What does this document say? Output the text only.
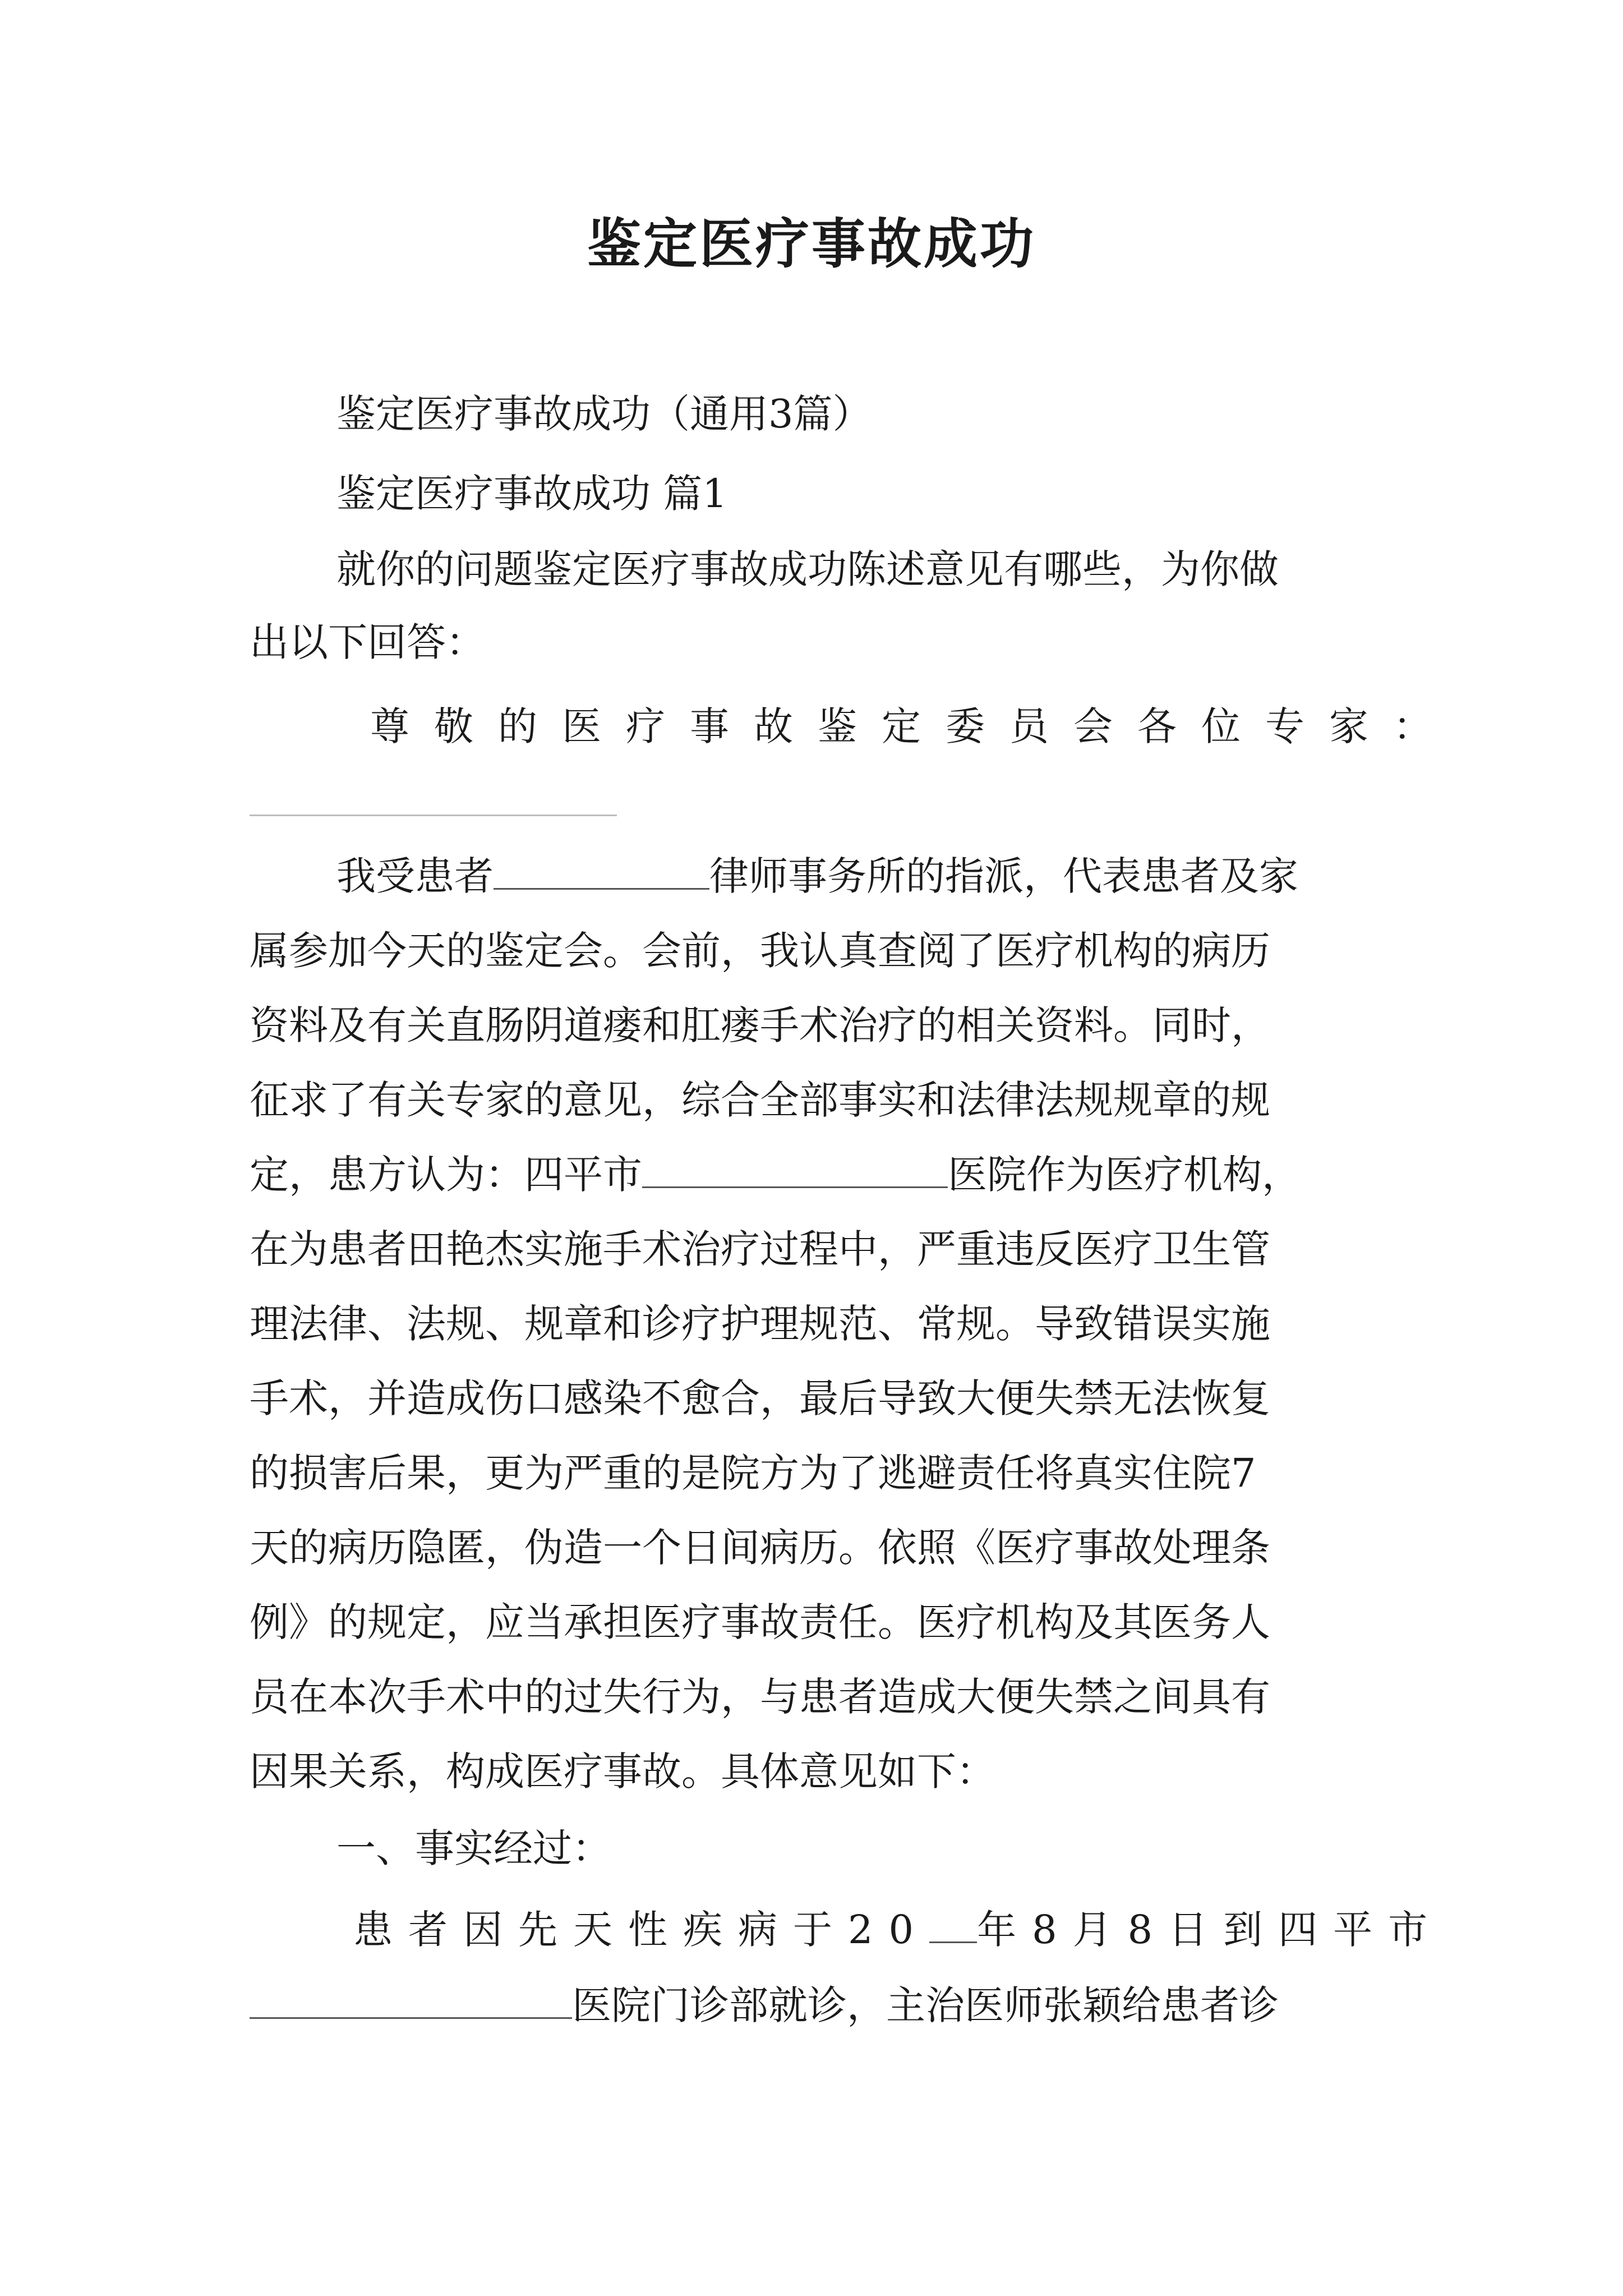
鉴定医疗事故成功
鉴定医疗事故成功（通用3篇）
鉴定医疗事故成功 篇1
就你的问题鉴定医疗事故成功陈述意见有哪些，为你做
出以下回答：
尊敬的医疗事故鉴定委员会各位专家：
我受患者	律师事务所的指派，代表患者及家
属参加今天的鉴定会。会前，我认真查阅了医疗机构的病历
资料及有关直肠阴道瘘和肛瘘手术治疗的相关资料。同时，
征求了有关专家的意见，综合全部事实和法律法规规章的规
定，患方认为：四平市	医院作为医疗机构，
在为患者田艳杰实施手术治疗过程中，严重违反医疗卫生管
理法律、法规、规章和诊疗护理规范、常规。导致错误实施
手术，并造成伤口感染不愈合，最后导致大便失禁无法恢复
的损害后果，更为严重的是院方为了逃避责任将真实住院7
天的病历隐匿，伪造一个日间病历。依照《医疗事故处理条
例》的规定，应当承担医疗事故责任。医疗机构及其医务人
员在本次手术中的过失行为，与患者造成大便失禁之间具有
因果关系，构成医疗事故。具体意见如下：
一、事实经过：
患者因先天性疾病于20 年8月8日到四平市
医院门诊部就诊，主治医师张颖给患者诊
